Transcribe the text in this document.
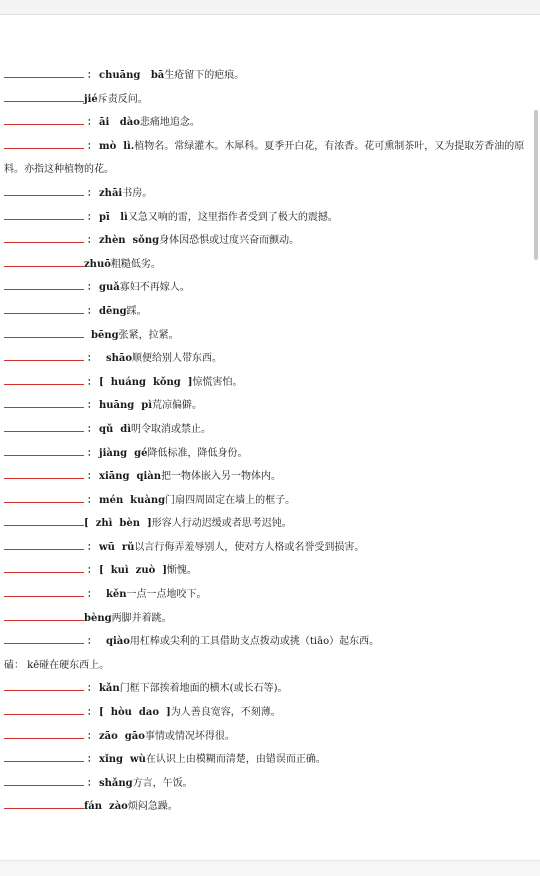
： chuāng   bā生疮留下的疤痕。
jié斥责反问。
： āi   dào悲痛地追念。
： mò  lì.植物名。常绿灌木。木犀科。夏季开白花，有浓香。花可熏制茶叶，又为提取芳香油的原料。亦指这种植物的花。
： zhāi书房。
： pī   lì又急又响的雷，这里指作者受到了极大的震撼。
： zhèn  sǒng身体因恐惧或过度兴奋而颤动。
zhuō粗糙低劣。
： guǎ寡妇不再嫁人。
： dēng踩。
bēng张紧，拉紧。
：  shāo顺便给别人带东西。
： [  huáng  kǒng  ]惊慌害怕。
： huāng  pì荒凉偏僻。
： qǔ  dì明令取消或禁止。
： jiàng  gé降低标准，降低身份。
： xiāng  qiàn把一物体嵌入另一物体内。
： mén  kuàng门扇四周固定在墙上的框子。
[  zhì  bèn  ]形容人行动迟缓或者思考迟钝。
： wū  rǔ以言行侮弄羞辱别人，使对方人格或名誉受到损害。
： [  kuì  zuò  ]惭愧。
：  kěn一点一点地咬下。
bèng两脚并着跳。
：  qiào用杠棒或尖利的工具借助支点拨动或挑（tiāo）起东西。
磕： kē碰在硬东西上。
： kǎn门框下部挨着地面的横木(或长石等)。
： [  hòu  dao  ]为人善良宽容，不刻薄。
： zāo  gāo事情或情况坏得很。
： xǐng  wù在认识上由模糊而清楚，由错误而正确。
： shǎng方言，午饭。
fán  zào烦闷急躁。
